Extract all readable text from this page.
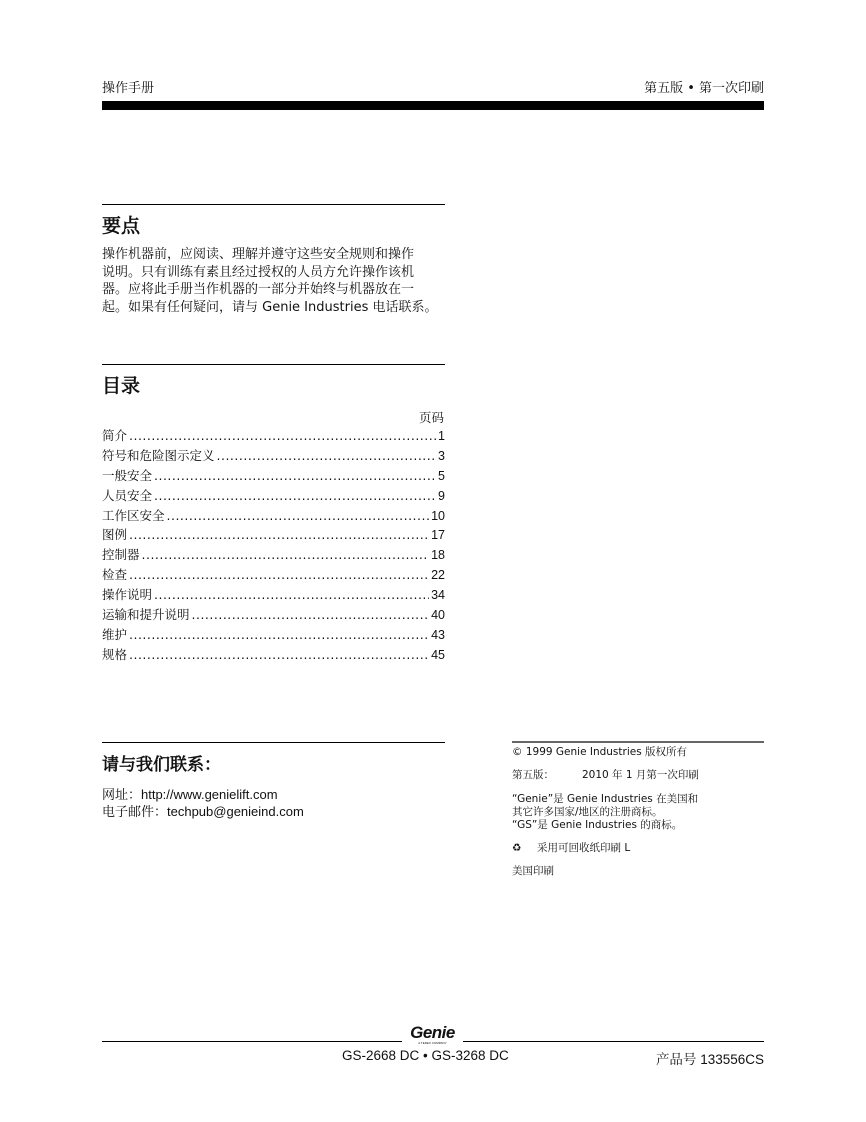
操作手册	第五版 • 第一次印刷
要点
操作机器前，应阅读、理解并遵守这些安全规则和操作
说明。只有训练有素且经过授权的人员方允许操作该机
器。应将此手册当作机器的一部分并始终与机器放在一
起。如果有任何疑问，请与 Genie Industries 电话联系。
目录
页码
简介 .....	1
符号和危险图示定义 .....	3
一般安全 .....	5
人员安全 .....	9
工作区安全 .....	10
图例 .....	17
控制器 .....	18
检查 .....	22
操作说明 .....	34
运输和提升说明 .....	40
维护 .....	43
规格 .....	45
请与我们联系：
网址：http://www.genielift.com
电子邮件：techpub@genieind.com
© 1999 Genie Industries 版权所有
第五版：	2010 年 1 月第一次印刷
“Genie”是 Genie Industries 在美国和
其它许多国家/地区的注册商标。
“GS”是 Genie Industries 的商标。
♻ 采用可回收纸印刷 L
美国印刷
Genie
A TEREX COMPANY
GS-2668 DC • GS-3268 DC	产品号 133556CS
